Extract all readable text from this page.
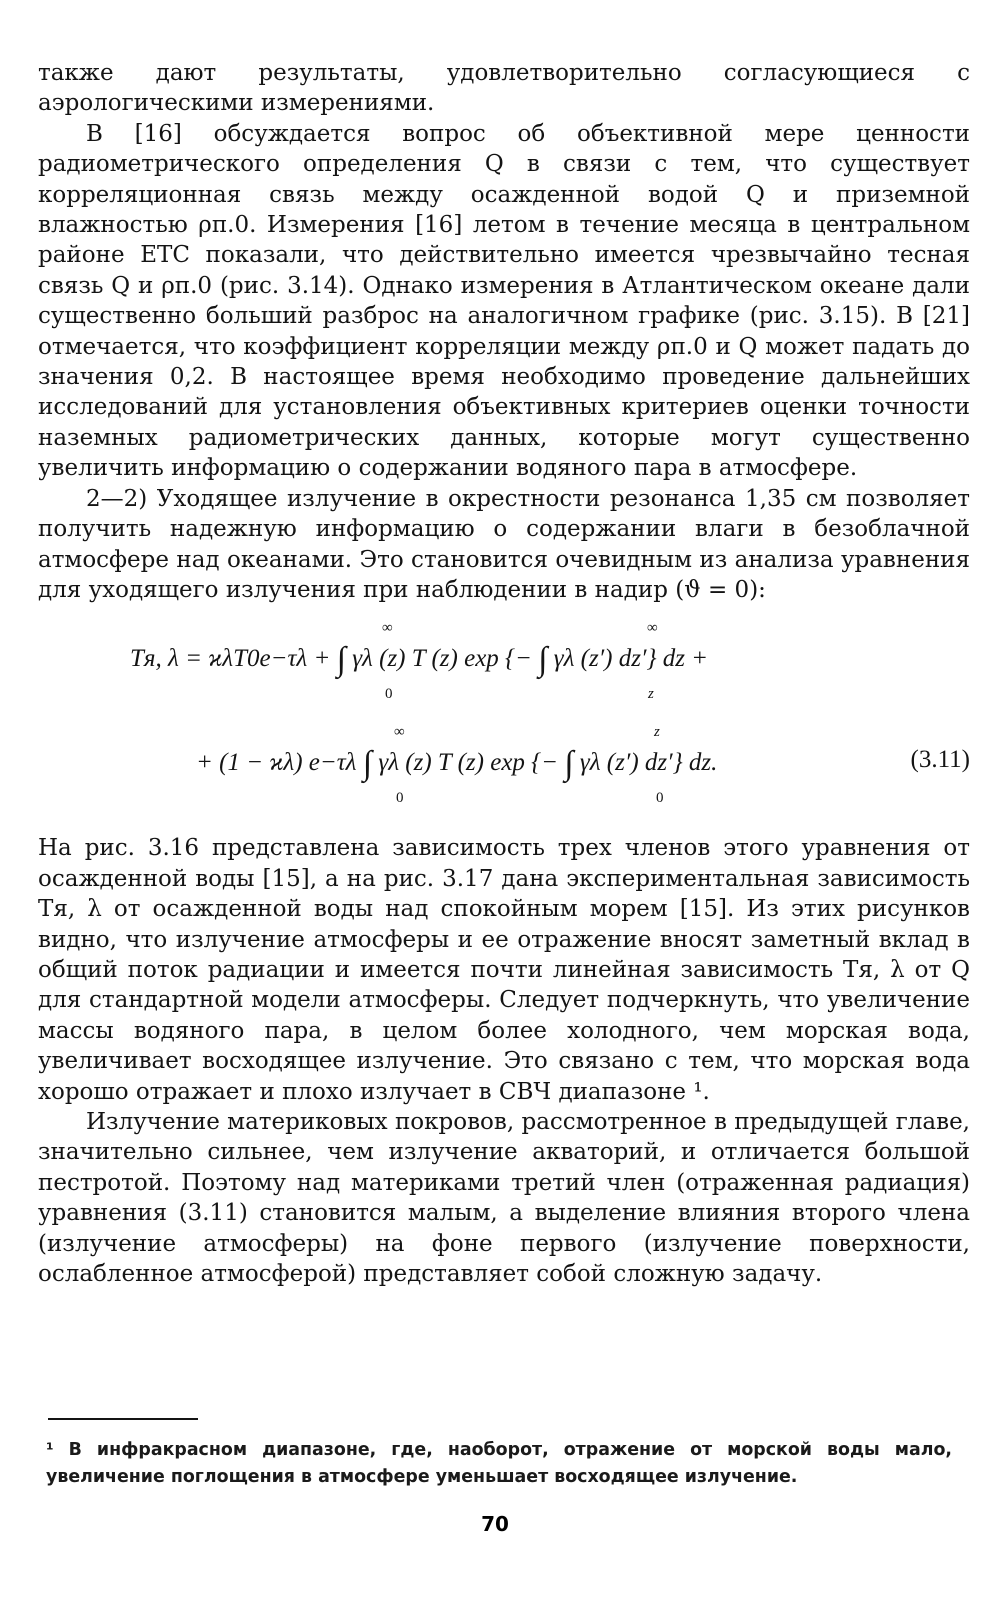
также дают результаты, удовлетворительно согласующиеся с аэрологическими измерениями.

В [16] обсуждается вопрос об объективной мере ценности радиометрического определения Q в связи с тем, что существует корреляционная связь между осажденной водой Q и приземной влажностью ρп.0. Измерения [16] летом в течение месяца в центральном районе ЕТС показали, что действительно имеется чрезвычайно тесная связь Q и ρп.0 (рис. 3.14). Однако измерения в Атлантическом океане дали существенно больший разброс на аналогичном графике (рис. 3.15). В [21] отмечается, что коэффициент корреляции между ρп.0 и Q может падать до значения 0,2. В настоящее время необходимо проведение дальнейших исследований для установления объективных критериев оценки точности наземных радиометрических данных, которые могут существенно увеличить информацию о содержании водяного пара в атмосфере.

2—2) Уходящее излучение в окрестности резонанса 1,35 см позволяет получить надежную информацию о содержании влаги в безоблачной атмосфере над океанами. Это становится очевидным из анализа уравнения для уходящего излучения при наблюдении в надир (ϑ = 0):

∞	∞
Tя, λ = ϰλT0e−τλ + ∫ γλ (z) T (z) exp {− ∫ γλ (z′) dz′} dz +
0	z
∞	z
+ (1 − ϰλ) e−τλ ∫ γλ (z) T (z) exp {− ∫ γλ (z′) dz′} dz.	(3.11)
0	0

На рис. 3.16 представлена зависимость трех членов этого уравнения от осажденной воды [15], а на рис. 3.17 дана экспериментальная зависимость Tя, λ от осажденной воды над спокойным морем [15]. Из этих рисунков видно, что излучение атмосферы и ее отражение вносят заметный вклад в общий поток радиации и имеется почти линейная зависимость Tя, λ от Q для стандартной модели атмосферы. Следует подчеркнуть, что увеличение массы водяного пара, в целом более холодного, чем морская вода, увеличивает восходящее излучение. Это связано с тем, что морская вода хорошо отражает и плохо излучает в СВЧ диапазоне ¹.

Излучение материковых покровов, рассмотренное в предыдущей главе, значительно сильнее, чем излучение акваторий, и отличается большой пестротой. Поэтому над материками третий член (отраженная радиация) уравнения (3.11) становится малым, а выделение влияния второго члена (излучение атмосферы) на фоне первого (излучение поверхности, ослабленное атмосферой) представляет собой сложную задачу.

¹ В инфракрасном диапазоне, где, наоборот, отражение от морской воды мало, увеличение поглощения в атмосфере уменьшает восходящее излучение.

70
